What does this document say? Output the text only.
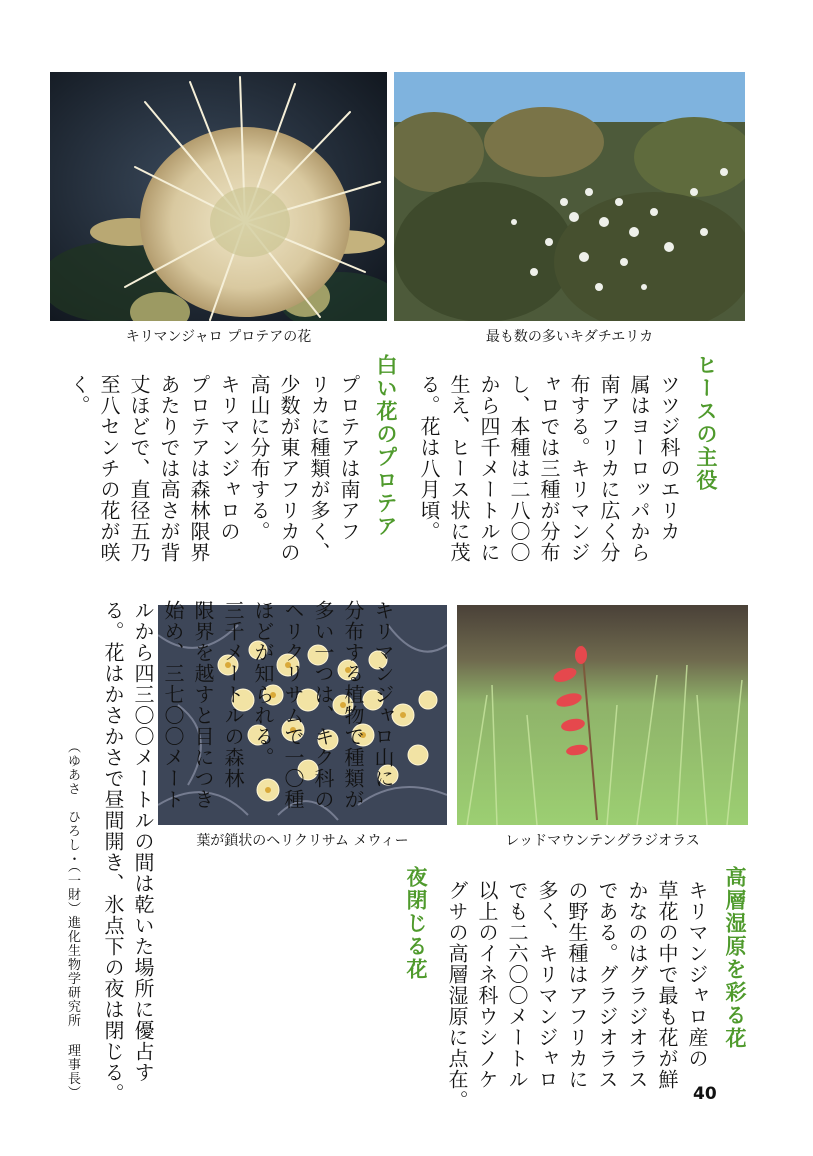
キリマンジャロ プロテアの花	最も数の多いキダチエリカ
ヒースの主役
ツツジ科のエリカ
属はヨーロッパから
南アフリカに広く分
布する。キリマンジ
ャロでは三種が分布
し、本種は二八〇〇
から四千メートルに
生え、ヒース状に茂
る。花は八月頃。
白い花のプロテア
プロテアは南アフ
リカに種類が多く、
少数が東アフリカの
高山に分布する。
キリマンジャロの
プロテアは森林限界
あたりでは高さが背
丈ほどで、直径五乃
至八センチの花が咲
く。
葉が鎖状のヘリクリサム メウィー	レッドマウンテングラジオラス
高層湿原を彩る花
キリマンジャロ産の
草花の中で最も花が鮮
かなのはグラジオラス
である。グラジオラス
の野生種はアフリカに
多く、キリマンジャロ
でも二六〇〇メートル
以上のイネ科ウシノケ
グサの高層湿原に点在。
夜閉じる花
キリマンジャロ山に
分布する植物で種類が
多い一つは、キク科の
ヘリクリサムで一〇種
ほどが知られる。
三千メートルの森林
限界を越すと目につき
始め、三七〇〇メート
ルから四三〇〇メートルの間は乾いた場所に優占す
る。花はかさかさで昼間開き、氷点下の夜は閉じる。
（ゆあさ　ひろし・（一財）進化生物学研究所 理事長）	40
